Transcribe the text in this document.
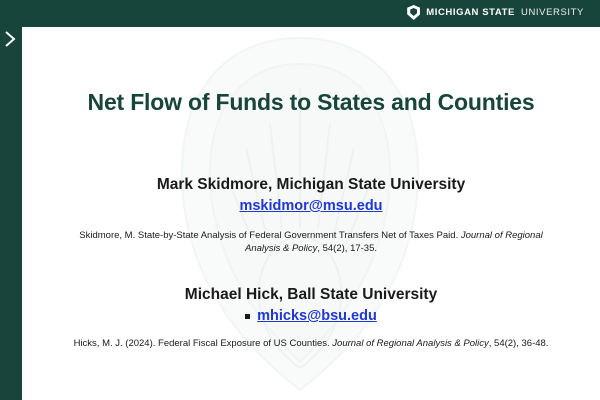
MICHIGAN STATE UNIVERSITY
Net Flow of Funds to States and Counties
Mark Skidmore, Michigan State University
mskidmor@msu.edu
Skidmore, M. State-by-State Analysis of Federal Government Transfers Net of Taxes Paid. Journal of Regional Analysis & Policy, 54(2), 17-35.
Michael Hick, Ball State University
mhicks@bsu.edu
Hicks, M. J. (2024). Federal Fiscal Exposure of US Counties. Journal of Regional Analysis & Policy, 54(2), 36-48.
